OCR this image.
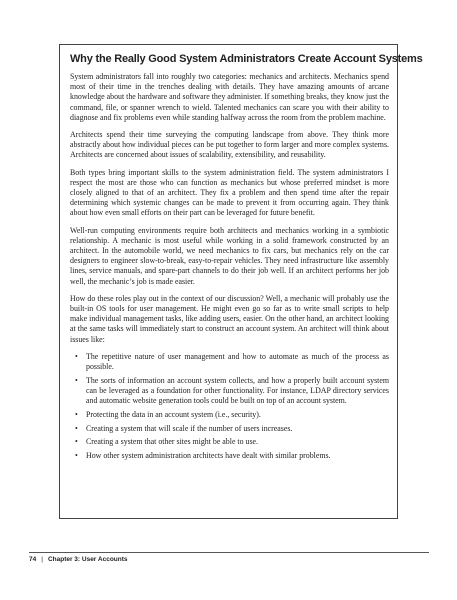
Why the Really Good System Administrators Create Account Systems

System administrators fall into roughly two categories: mechanics and architects. Mechanics spend most of their time in the trenches dealing with details. They have amazing amounts of arcane knowledge about the hardware and software they administer. If something breaks, they know just the command, file, or spanner wrench to wield. Talented mechanics can scare you with their ability to diagnose and fix problems even while standing halfway across the room from the problem machine.

Architects spend their time surveying the computing landscape from above. They think more abstractly about how individual pieces can be put together to form larger and more complex systems. Architects are concerned about issues of scalability, extensibility, and reusability.

Both types bring important skills to the system administration field. The system administrators I respect the most are those who can function as mechanics but whose preferred mindset is more closely aligned to that of an architect. They fix a problem and then spend time after the repair determining which systemic changes can be made to prevent it from occurring again. They think about how even small efforts on their part can be leveraged for future benefit.

Well-run computing environments require both architects and mechanics working in a symbiotic relationship. A mechanic is most useful while working in a solid framework constructed by an architect. In the automobile world, we need mechanics to fix cars, but mechanics rely on the car designers to engineer slow-to-break, easy-to-repair vehicles. They need infrastructure like assembly lines, service manuals, and spare-part channels to do their job well. If an architect performs her job well, the mechanic’s job is made easier.

How do these roles play out in the context of our discussion? Well, a mechanic will probably use the built-in OS tools for user management. He might even go so far as to write small scripts to help make individual management tasks, like adding users, easier. On the other hand, an architect looking at the same tasks will immediately start to construct an account system. An architect will think about issues like:

• The repetitive nature of user management and how to automate as much of the process as possible.
• The sorts of information an account system collects, and how a properly built account system can be leveraged as a foundation for other functionality. For instance, LDAP directory services and automatic website generation tools could be built on top of an account system.
• Protecting the data in an account system (i.e., security).
• Creating a system that will scale if the number of users increases.
• Creating a system that other sites might be able to use.
• How other system administration architects have dealt with similar problems.
74 | Chapter 3: User Accounts
